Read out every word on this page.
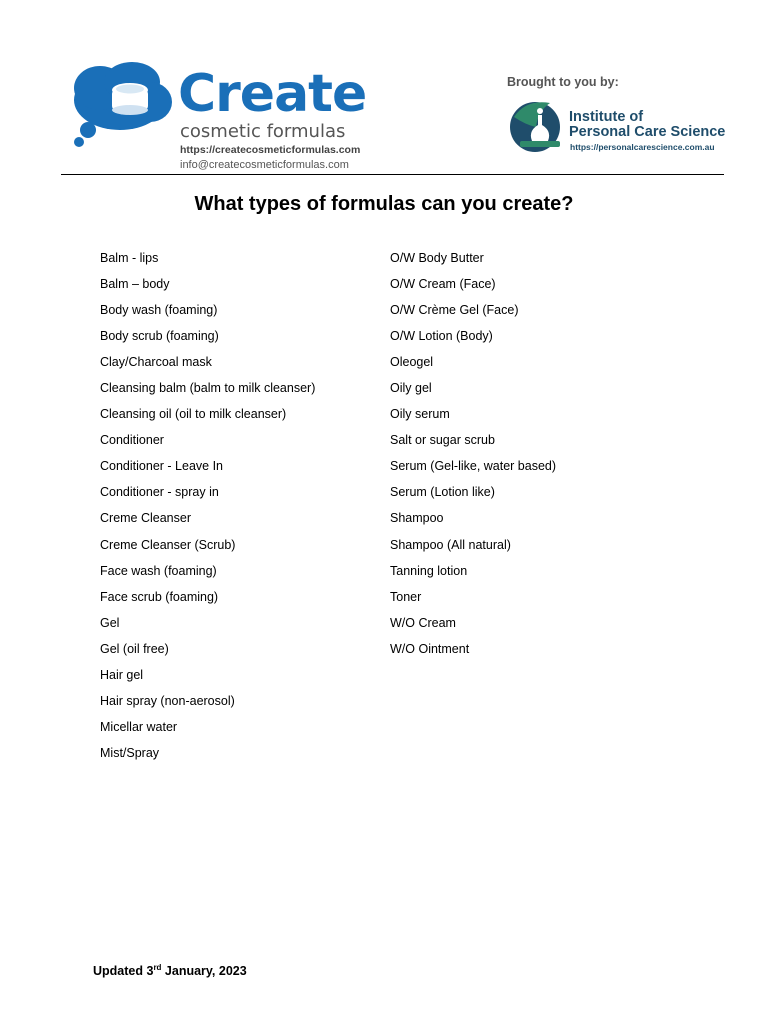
Create
cosmetic formulas
https://createcosmeticformulas.com
info@createcosmeticformulas.com
Brought to you by:
Institute of
Personal Care Science
https://personalcarescience.com.au
What types of formulas can you create?
Balm - lips
Balm – body
Body wash (foaming)
Body scrub (foaming)
Clay/Charcoal mask
Cleansing balm (balm to milk cleanser)
Cleansing oil (oil to milk cleanser)
Conditioner
Conditioner - Leave In
Conditioner - spray in
Creme Cleanser
Creme Cleanser (Scrub)
Face wash (foaming)
Face scrub (foaming)
Gel
Gel (oil free)
Hair gel
Hair spray (non-aerosol)
Micellar water
Mist/Spray
O/W Body Butter
O/W Cream (Face)
O/W Crème Gel (Face)
O/W Lotion (Body)
Oleogel
Oily gel
Oily serum
Salt or sugar scrub
Serum (Gel-like, water based)
Serum (Lotion like)
Shampoo
Shampoo (All natural)
Tanning lotion
Toner
W/O Cream
W/O Ointment
Updated 3rd January, 2023
